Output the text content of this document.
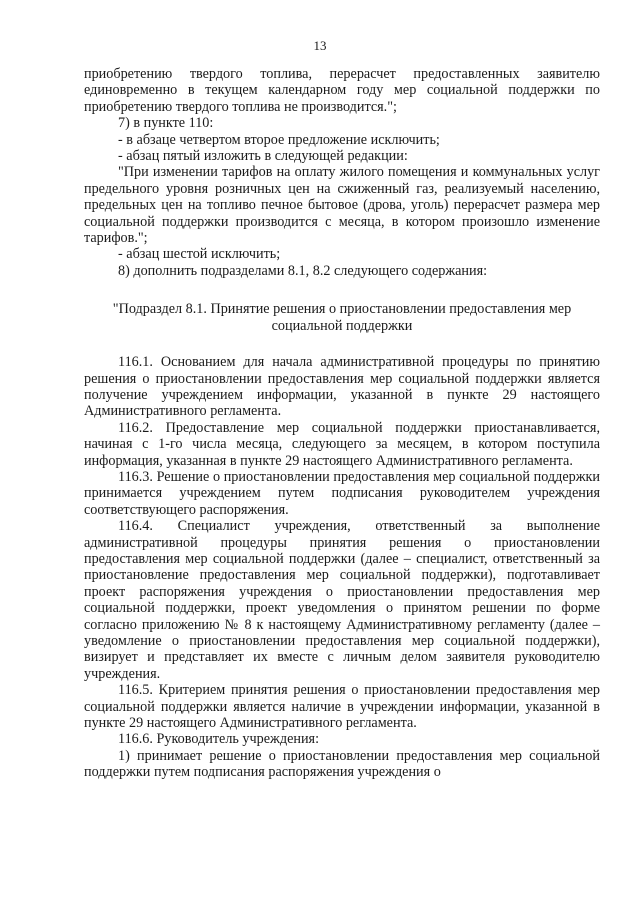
13

приобретению твердого топлива, перерасчет предоставленных заявителю единовременно в текущем календарном году мер социальной поддержки по приобретению твердого топлива не производится.";

7) в пункте 110:

- в абзаце четвертом второе предложение исключить;

- абзац пятый изложить в следующей редакции:

"При изменении тарифов на оплату жилого помещения и коммунальных услуг предельного уровня розничных цен на сжиженный газ, реализуемый населению, предельных цен на топливо печное бытовое (дрова, уголь) перерасчет размера мер социальной поддержки производится с месяца, в котором произошло изменение тарифов.";

- абзац шестой исключить;

8) дополнить подразделами 8.1, 8.2 следующего содержания:

"Подраздел 8.1. Принятие решения о приостановлении предоставления мер социальной поддержки

116.1. Основанием для начала административной процедуры по принятию решения о приостановлении предоставления мер социальной поддержки является получение учреждением информации, указанной в пункте 29 настоящего Административного регламента.

116.2. Предоставление мер социальной поддержки приостанавливается, начиная с 1-го числа месяца, следующего за месяцем, в котором поступила информация, указанная в пункте 29 настоящего Административного регламента.

116.3. Решение о приостановлении предоставления мер социальной поддержки принимается учреждением путем подписания руководителем учреждения соответствующего распоряжения.

116.4. Специалист учреждения, ответственный за выполнение административной процедуры принятия решения о приостановлении предоставления мер социальной поддержки (далее – специалист, ответственный за приостановление предоставления мер социальной поддержки), подготавливает проект распоряжения учреждения о приостановлении предоставления мер социальной поддержки, проект уведомления о принятом решении по форме согласно приложению № 8 к настоящему Административному регламенту (далее – уведомление о приостановлении предоставления мер социальной поддержки), визирует и представляет их вместе с личным делом заявителя руководителю учреждения.

116.5. Критерием принятия решения о приостановлении предоставления мер социальной поддержки является наличие в учреждении информации, указанной в пункте 29 настоящего Административного регламента.

116.6. Руководитель учреждения:

1) принимает решение о приостановлении предоставления мер социальной поддержки путем подписания распоряжения учреждения о
